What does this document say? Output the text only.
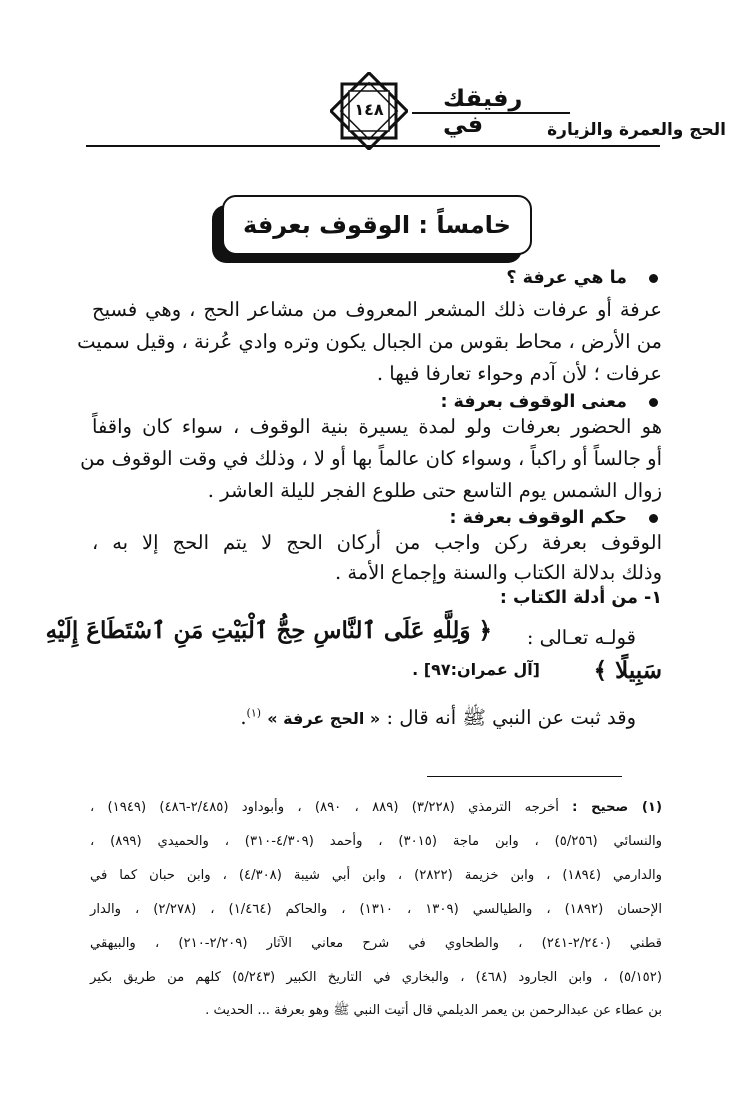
رفيقك في	الحج والعمرة والزيارة
١٤٨
خامساً : الوقوف بعرفة
ما هي عرفة ؟
عرفة أو عرفات ذلك المشعر المعروف من مشاعر الحج ، وهي فسيح
من الأرض ، محاط بقوس من الجبال يكون وتره وادي عُرنة ، وقيل سميت
عرفات ؛ لأن آدم وحواء تعارفا فيها .
معنى الوقوف بعرفة :
هو الحضور بعرفات ولو لمدة يسيرة بنية الوقوف ، سواء كان واقفاً
أو جالساً أو راكباً ، وسواء كان عالماً بها أو لا ، وذلك في وقت الوقوف من
زوال الشمس يوم التاسع حتى طلوع الفجر لليلة العاشر .
حكم الوقوف بعرفة :
الوقوف بعرفة ركن واجب من أركان الحج لا يتم الحج إلا به ،
وذلك بدلالة الكتاب والسنة وإجماع الأمة .
١- من أدلة الكتاب :
قولـه تعـالى :
﴿ وَلِلَّهِ عَلَى ٱلنَّاسِ حِجُّ ٱلْبَيْتِ مَنِ ٱسْتَطَاعَ إِلَيْهِ
سَبِيلًا ﴾
[آل عمران:٩٧] .
وقد ثبت عن النبي ﷺ أنه قال : « الحج عرفة » $^{(١)}$.
(١) صحيح : أخرجه الترمذي (٣/٢٢٨) (٨٨٩ ، ٨٩٠) ، وأبوداود (٢/٤٨٥-٤٨٦) (١٩٤٩) ،
والنسائي (٥/٢٥٦) ، وابن ماجة (٣٠١٥) ، وأحمد (٤/٣٠٩-٣١٠) ، والحميدي (٨٩٩) ،
والدارمي (١٨٩٤) ، وابن خزيمة (٢٨٢٢) ، وابن أبي شيبة (٤/٣٠٨) ، وابن حبان كما في
الإحسان (١٨٩٢) ، والطيالسي (١٣٠٩ ، ١٣١٠) ، والحاكم (١/٤٦٤) ، (٢/٢٧٨) ، والدار
قطني (٢/٢٤٠-٢٤١) ، والطحاوي في شرح معاني الآثار (٢/٢٠٩-٢١٠) ، والبيهقي
(٥/١٥٢) ، وابن الجارود (٤٦٨) ، والبخاري في التاريخ الكبير (٥/٢٤٣) كلهم من طريق بكير
بن عطاء عن عبدالرحمن بن يعمر الديلمي قال أتيت النبي ﷺ وهو بعرفة ... الحديث .
